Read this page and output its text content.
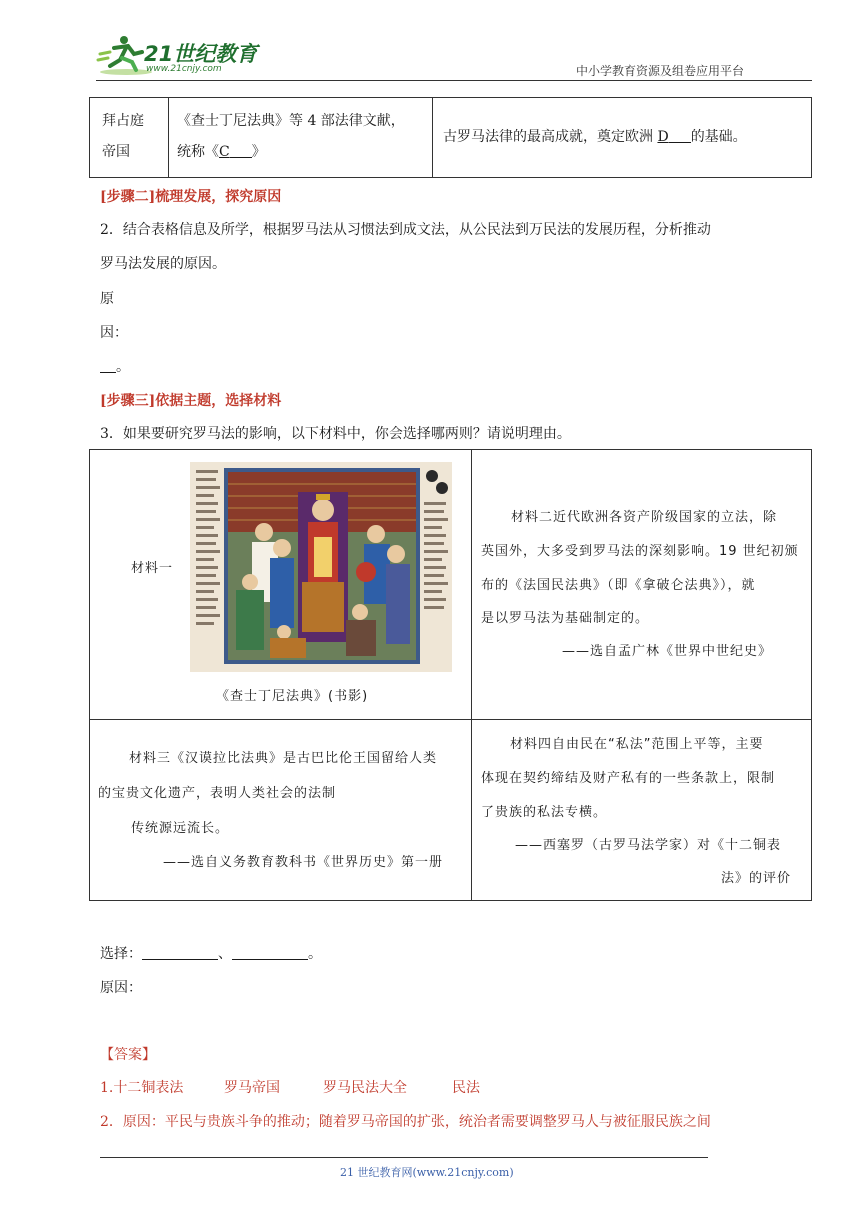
21世纪教育
www.21cnjy.com	中小学教育资源及组卷应用平台
拜占庭
帝国
《查士丁尼法典》等 4 部法律文献，
统称《C 》
古罗马法律的最高成就，奠定欧洲 D 的基础。
[步骤二]梳理发展，探究原因
2．结合表格信息及所学，根据罗马法从习惯法到成文法，从公民法到万民法的发展历程，分析推动
罗马法发展的原因。
原
因：
。
[步骤三]依据主题，选择材料
3．如果要研究罗马法的影响，以下材料中，你会选择哪两则？请说明理由。
材料一
《查士丁尼法典》(书影)
材料二近代欧洲各资产阶级国家的立法，除
英国外，大多受到罗马法的深刻影响。19 世纪初颁
布的《法国民法典》（即《拿破仑法典》），就
是以罗马法为基础制定的。
——选自孟广林《世界中世纪史》
材料三《汉谟拉比法典》是古巴比伦王国留给人类
的宝贵文化遗产，表明人类社会的法制
传统源远流长。
——选自义务教育教科书《世界历史》第一册
材料四自由民在“私法”范围上平等，主要
体现在契约缔结及财产私有的一些条款上，限制
了贵族的私法专横。
——西塞罗（古罗马法学家）对《十二铜表
法》的评价
选择：	、	。
原因：
【答案】
1.十二铜表法	罗马帝国	罗马民法大全	民法
2．原因：平民与贵族斗争的推动；随着罗马帝国的扩张，统治者需要调整罗马人与被征服民族之间
21 世纪教育网(www.21cnjy.com)
